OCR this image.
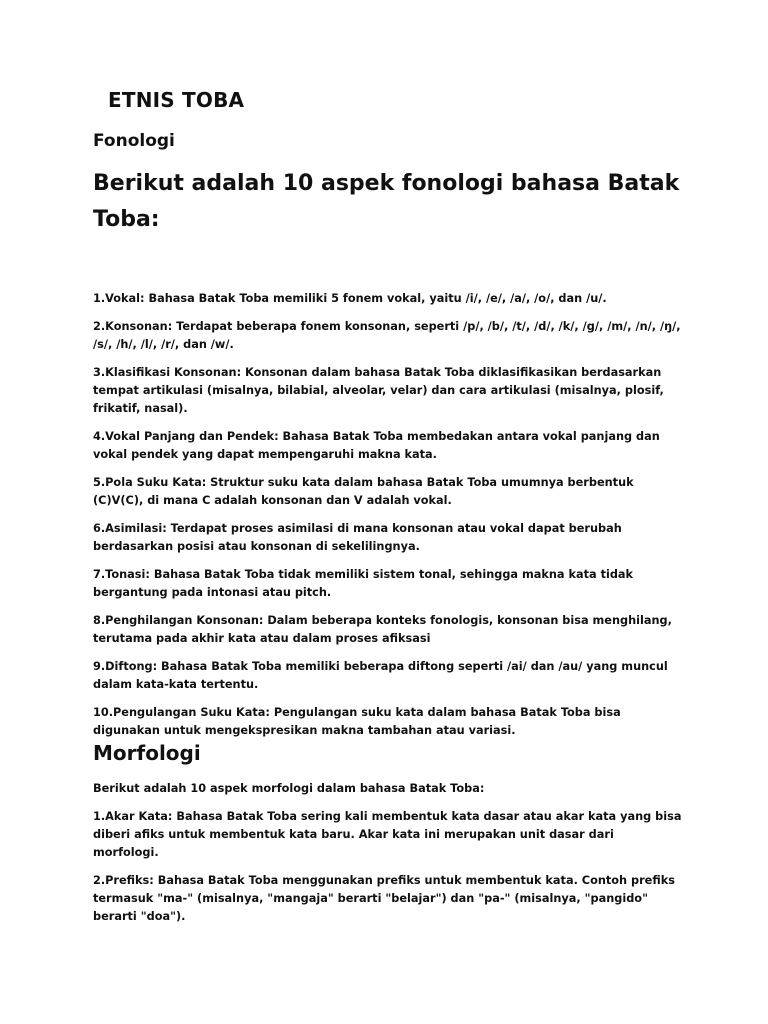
ETNIS TOBA
Fonologi
Berikut adalah 10 aspek fonologi bahasa Batak Toba:

1.Vokal: Bahasa Batak Toba memiliki 5 fonem vokal, yaitu /i/, /e/, /a/, /o/, dan /u/.

2.Konsonan: Terdapat beberapa fonem konsonan, seperti /p/, /b/, /t/, /d/, /k/, /g/, /m/, /n/, /ŋ/, /s/, /h/, /l/, /r/, dan /w/.

3.Klasifikasi Konsonan: Konsonan dalam bahasa Batak Toba diklasifikasikan berdasarkan tempat artikulasi (misalnya, bilabial, alveolar, velar) dan cara artikulasi (misalnya, plosif, frikatif, nasal).

4.Vokal Panjang dan Pendek: Bahasa Batak Toba membedakan antara vokal panjang dan vokal pendek yang dapat mempengaruhi makna kata.

5.Pola Suku Kata: Struktur suku kata dalam bahasa Batak Toba umumnya berbentuk (C)V(C), di mana C adalah konsonan dan V adalah vokal.

6.Asimilasi: Terdapat proses asimilasi di mana konsonan atau vokal dapat berubah berdasarkan posisi atau konsonan di sekelilingnya.

7.Tonasi: Bahasa Batak Toba tidak memiliki sistem tonal, sehingga makna kata tidak bergantung pada intonasi atau pitch.

8.Penghilangan Konsonan: Dalam beberapa konteks fonologis, konsonan bisa menghilang, terutama pada akhir kata atau dalam proses afiksasi

9.Diftong: Bahasa Batak Toba memiliki beberapa diftong seperti /ai/ dan /au/ yang muncul dalam kata-kata tertentu.

10.Pengulangan Suku Kata: Pengulangan suku kata dalam bahasa Batak Toba bisa digunakan untuk mengekspresikan makna tambahan atau variasi.

Morfologi

Berikut adalah 10 aspek morfologi dalam bahasa Batak Toba:

1.Akar Kata: Bahasa Batak Toba sering kali membentuk kata dasar atau akar kata yang bisa diberi afiks untuk membentuk kata baru. Akar kata ini merupakan unit dasar dari morfologi.

2.Prefiks: Bahasa Batak Toba menggunakan prefiks untuk membentuk kata. Contoh prefiks termasuk "ma-" (misalnya, "mangaja" berarti "belajar") dan "pa-" (misalnya, "pangido" berarti "doa").
